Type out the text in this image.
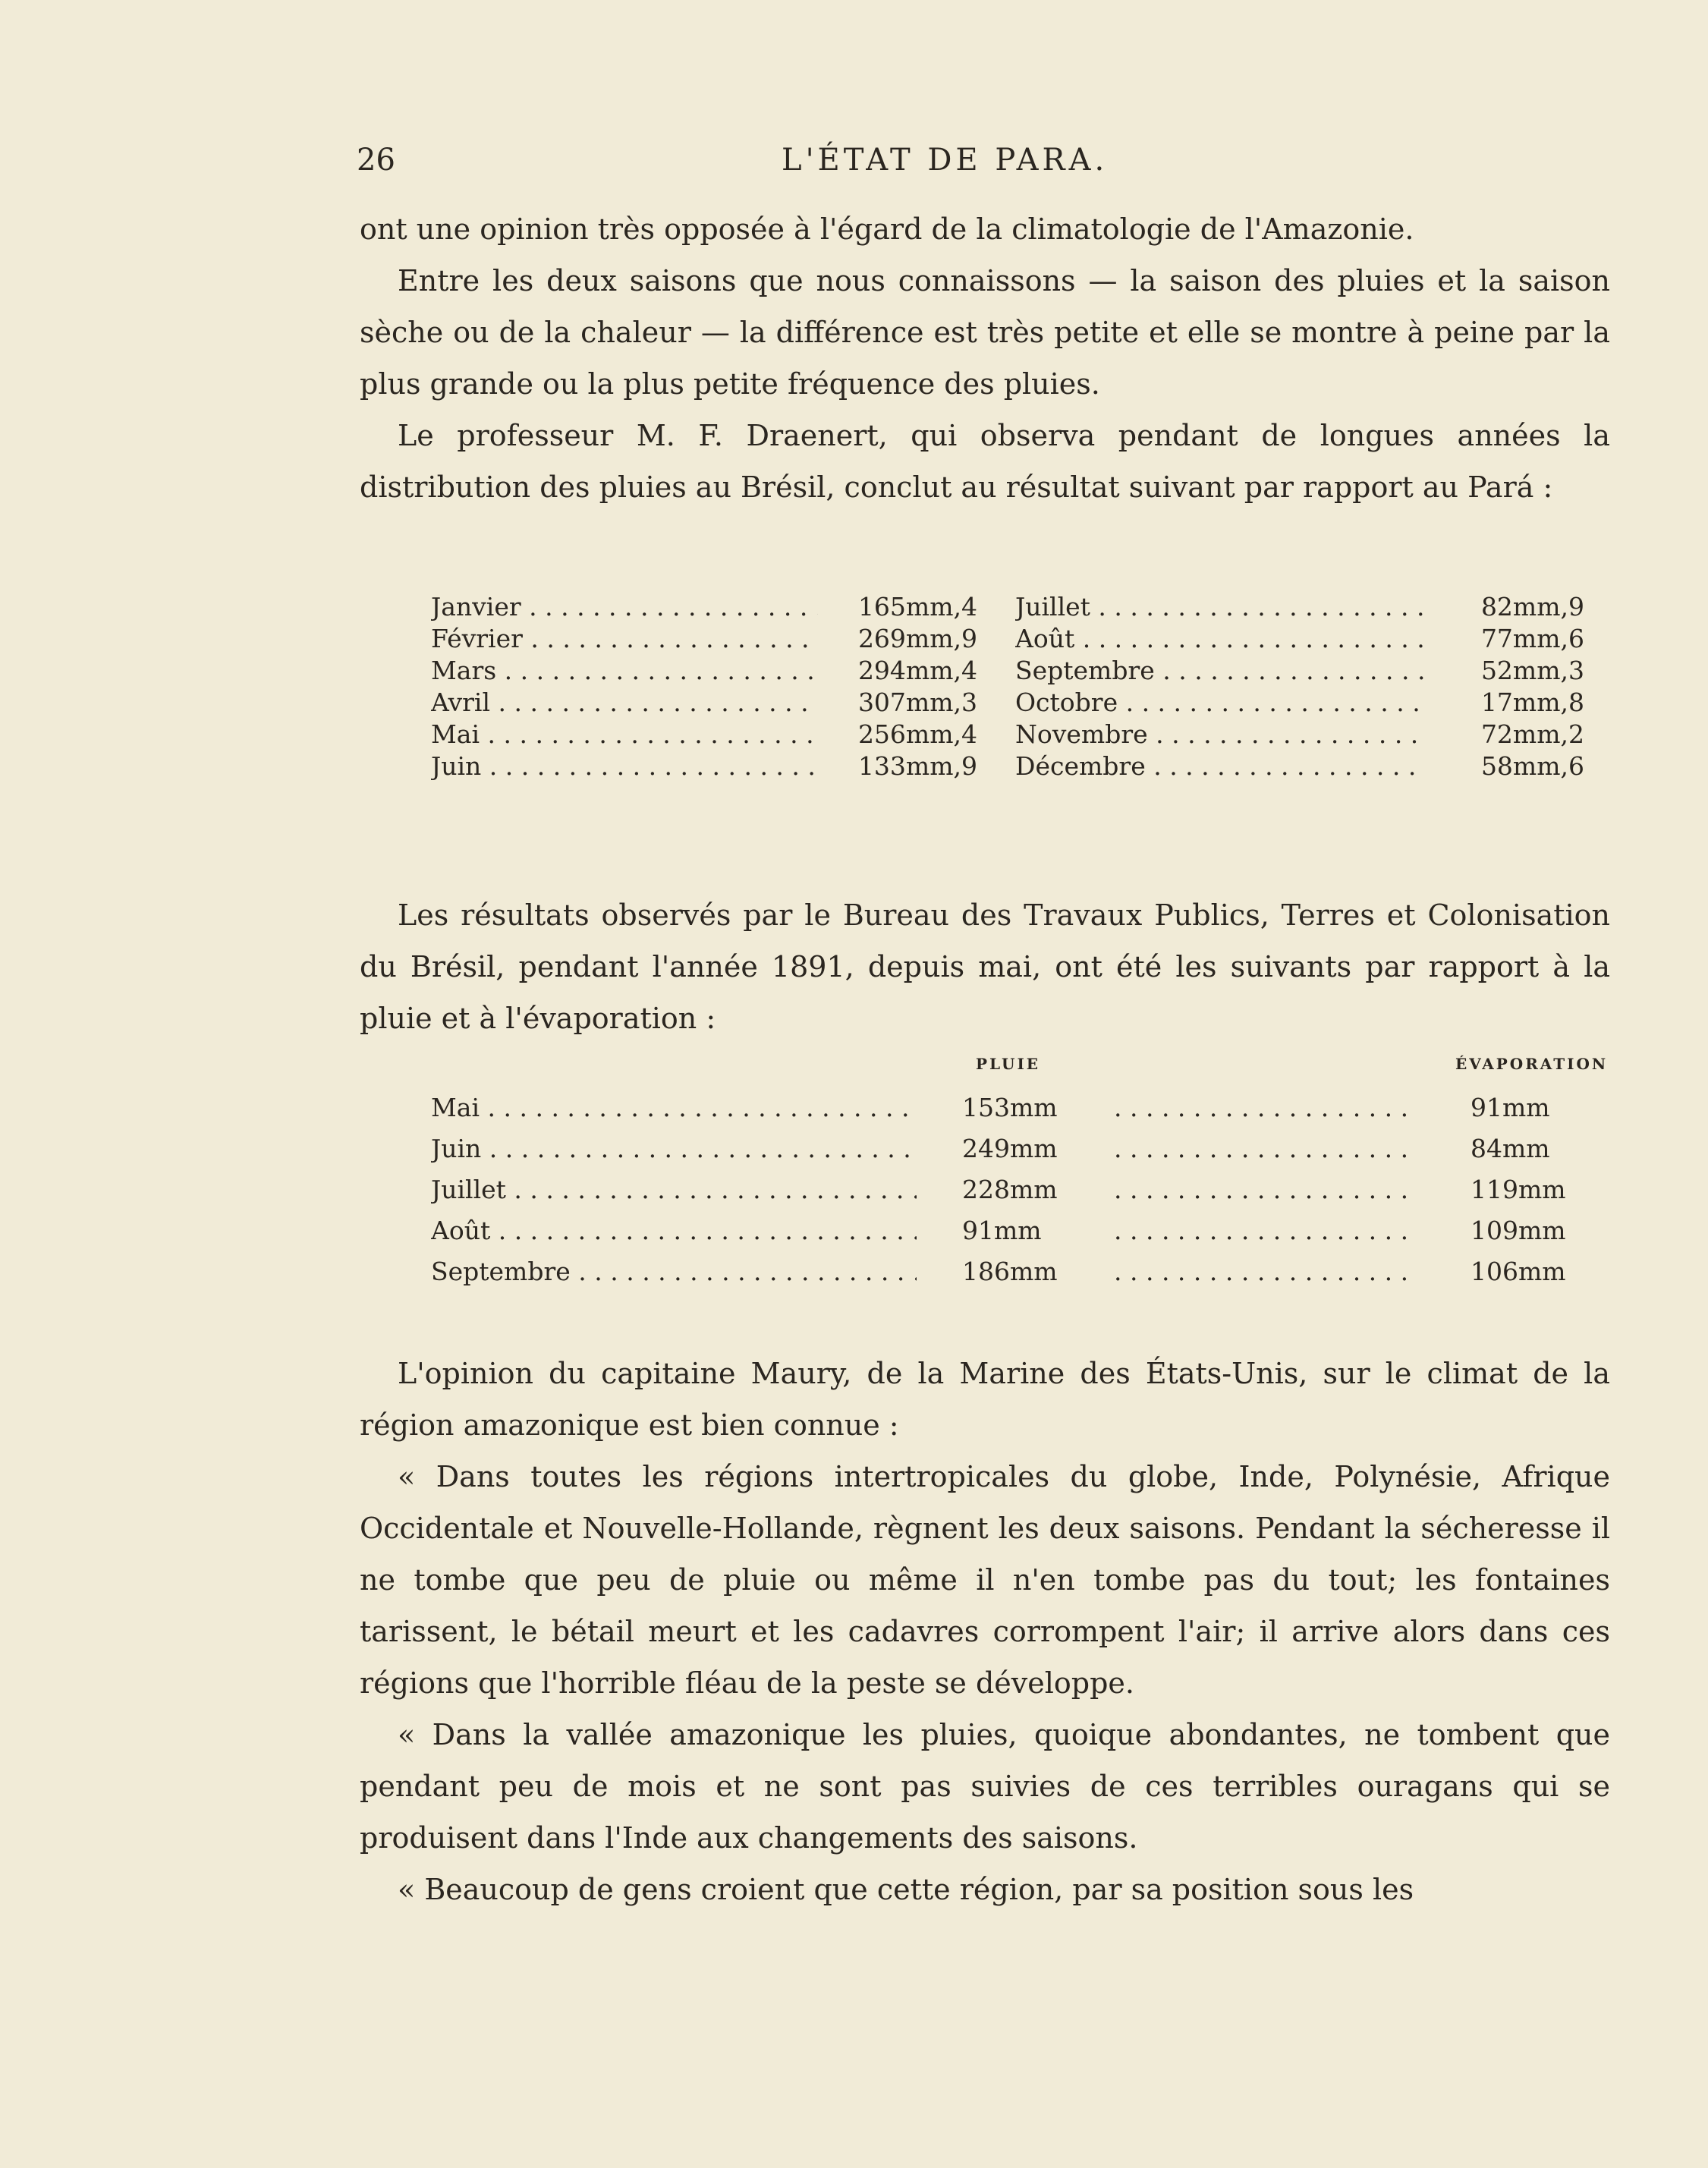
26	L'ÉTAT DE PARA.

ont une opinion très opposée à l'égard de la climatologie de l'Amazonie.

Entre les deux saisons que nous connaissons — la saison des pluies et la saison sèche ou de la chaleur — la différence est très petite et elle se montre à peine par la plus grande ou la plus petite fréquence des pluies.

Le professeur M. F. Draenert, qui observa pendant de longues années la distribution des pluies au Brésil, conclut au résultat suivant par rapport au Pará :

Janvier . . .	165mm,4 Juillet . . .	82mm,9
Février . . .	269mm,9 Août . . .	77mm,6
Mars . . .	294mm,4 Septembre . . .	52mm,3
Avril . . .	307mm,3 Octobre . . .	17mm,8
Mai . . .	256mm,4 Novembre . . .	72mm,2
Juin . . .	133mm,9 Décembre . . .	58mm,6

Les résultats observés par le Bureau des Travaux Publics, Terres et Colonisation du Brésil, pendant l'année 1891, depuis mai, ont été les suivants par rapport à la pluie et à l'évaporation :

PLUIE	ÉVAPORATION
Mai . . .	153mm . . .	91mm
Juin . . .	249mm . . .	84mm
Juillet . . .	228mm . . .	119mm
Août . . .	91mm . . .	109mm
Septembre . . .	186mm . . .	106mm

L'opinion du capitaine Maury, de la Marine des États-Unis, sur le climat de la région amazonique est bien connue :

« Dans toutes les régions intertropicales du globe, Inde, Polynésie, Afrique Occidentale et Nouvelle-Hollande, règnent les deux saisons. Pendant la sécheresse il ne tombe que peu de pluie ou même il n'en tombe pas du tout; les fontaines tarissent, le bétail meurt et les cadavres corrompent l'air; il arrive alors dans ces régions que l'horrible fléau de la peste se développe.

« Dans la vallée amazonique les pluies, quoique abondantes, ne tombent que pendant peu de mois et ne sont pas suivies de ces terribles ouragans qui se produisent dans l'Inde aux changements des saisons.

« Beaucoup de gens croient que cette région, par sa position sous les
